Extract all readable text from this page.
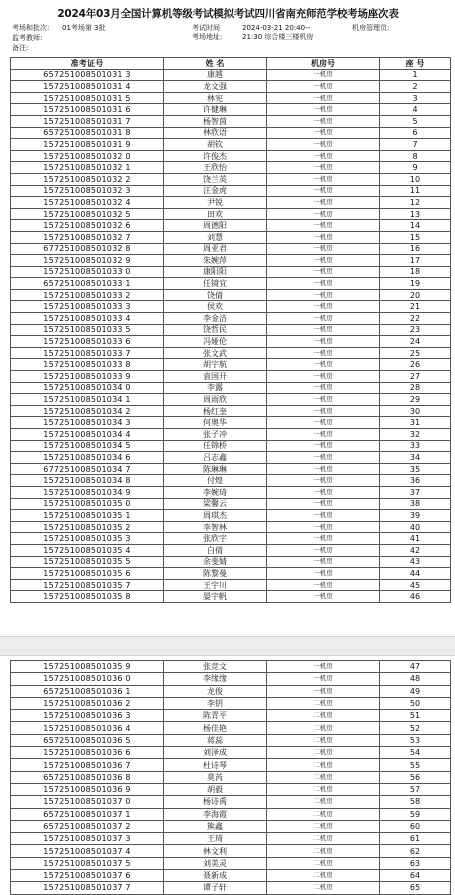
2024年03月全国计算机等级考试模拟考试四川省南充师范学校考场座次表
考场和批次: 01考场第 3批
监考教师:
备注:
考试时间	2024-03-21 20:40--
21:30 综合楼三楼机房
考场地址:
机房管理员:
准考证号	姓 名	机房号	座 号
657251008501031 3	康越	一机房	1
157251008501031 4	龙文强	一机房	2
157251008501031 5	林宪	一机房	3
157251008501031 6	许健琳	一机房	4
157251008501031 7	杨智茵	一机房	5
657251008501031 8	林欣语	一机房	6
157251008501031 9	胡钦	一机房	7
157251008501032 0	许俊杰	一机房	8
157251008501032 1	王欣怡	一机房	9
157251008501032 2	饶兰英	一机房	10
157251008501032 3	汪金虎	一机房	11
157251008501032 4	尹锐	一机房	12
157251008501032 5	田欢	一机房	13
157251008501032 6	周德阳	一机房	14
157251008501032 7	刘慧	一机房	15
677251008501032 8	周亚君	一机房	16
157251008501032 9	朱婉萍	一机房	17
157251008501033 0	康阳阳	一机房	18
657251008501033 1	任镜宜	一机房	19
157251008501033 2	饶倩	一机房	20
157251008501033 3	侯欢	一机房	21
157251008501033 4	李金洁	一机房	22
157251008501033 5	饶哲民	一机房	23
157251008501033 6	冯娅伦	一机房	24
157251008501033 7	张文武	一机房	25
157251008501033 8	胡宇航	一机房	26
157251008501033 9	袁国开	一机房	27
157251008501034 0	李露	一机房	28
157251008501034 1	周雨欣	一机房	29
157251008501034 2	杨红奎	一机房	30
157251008501034 3	何奥华	一机房	31
157251008501034 4	张子冲	一机房	32
157251008501034 5	任锦桥	一机房	33
157251008501034 6	吕志鑫	一机房	34
677251008501034 7	陈琳琳	一机房	35
157251008501034 8	付煌	一机房	36
157251008501034 9	李婉琦	一机房	37
157251008501035 0	梁馨云	一机房	38
157251008501035 1	周琪杰	一机房	39
157251008501035 2	李智林	一机房	40
157251008501035 3	张欣宇	一机房	41
157251008501035 4	白倩	一机房	42
157251008501035 5	余斐婧	一机房	43
157251008501035 6	陈黎曼	一机房	44
157251008501035 7	王宇川	一机房	45
157251008501035 8	晏宇帆	一机房	46
157251008501035 9	张竞文	一机房	47
157251008501036 0	李缘缘	一机房	48
657251008501036 1	龙俊	一机房	49
157251008501036 2	李钥	二机房	50
157251008501036 3	陈青平	二机房	51
157251008501036 4	杨佳艳	二机房	52
657251008501036 5	蒋蕊	二机房	53
157251008501036 6	刘泽成	二机房	54
157251008501036 7	杜诗琴	二机房	55
657251008501036 8	莫芮	二机房	56
157251008501036 9	胡毅	二机房	57
157251008501037 0	杨诗禹	二机房	58
657251008501037 1	李海霞	二机房	59
657251008501037 2	熊鑫	二机房	60
157251008501037 3	王琦	二机房	61
157251008501037 4	林文利	二机房	62
157251008501037 5	刘美灵	二机房	63
157251008501037 6	聂新成	二机房	64
157251008501037 7	谭子轩	二机房	65
